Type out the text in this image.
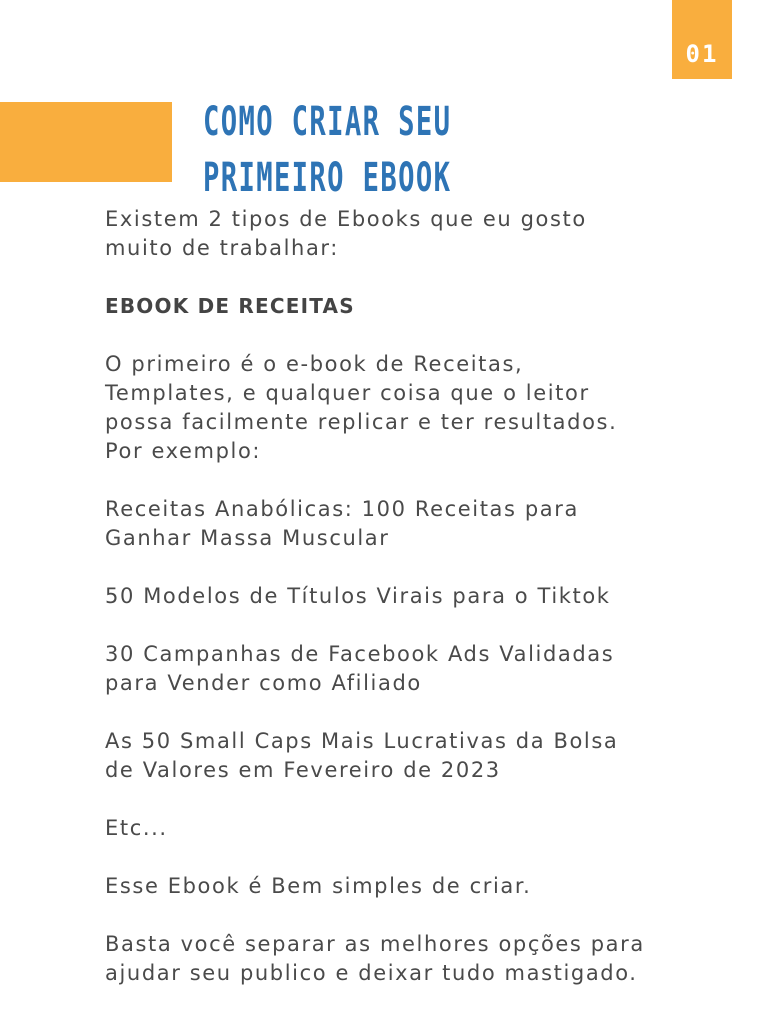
01
COMO CRIAR SEU
PRIMEIRO EBOOK

Existem 2 tipos de Ebooks que eu gosto
muito de trabalhar:

EBOOK DE RECEITAS

O primeiro é o e-book de Receitas,
Templates, e qualquer coisa que o leitor
possa facilmente replicar e ter resultados.
Por exemplo:

Receitas Anabólicas: 100 Receitas para
Ganhar Massa Muscular

50 Modelos de Títulos Virais para o Tiktok

30 Campanhas de Facebook Ads Validadas
para Vender como Afiliado

As 50 Small Caps Mais Lucrativas da Bolsa
de Valores em Fevereiro de 2023

Etc...

Esse Ebook é Bem simples de criar.

Basta você separar as melhores opções para
ajudar seu publico e deixar tudo mastigado.
